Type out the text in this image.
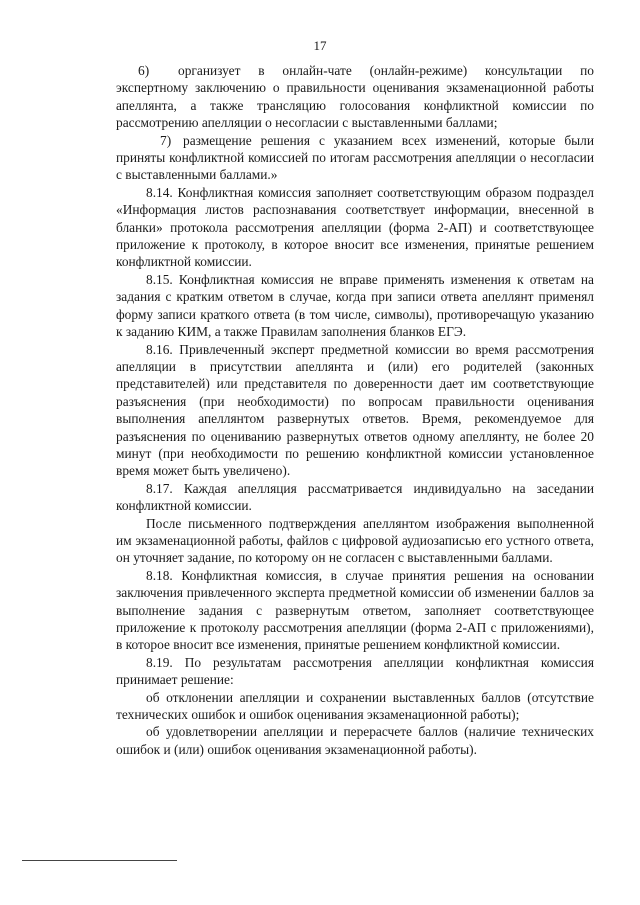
17

6) организует в онлайн-чате (онлайн-режиме) консультации по экспертному заключению о правильности оценивания экзаменационной работы апеллянта, а также трансляцию голосования конфликтной комиссии по рассмотрению апелляции о несогласии с выставленными баллами;

7) размещение решения с указанием всех изменений, которые были приняты конфликтной комиссией по итогам рассмотрения апелляции о несогласии с выставленными баллами.»

8.14. Конфликтная комиссия заполняет соответствующим образом подраздел «Информация листов распознавания соответствует информации, внесенной в бланки» протокола рассмотрения апелляции (форма 2-АП) и соответствующее приложение к протоколу, в которое вносит все изменения, принятые решением конфликтной комиссии.

8.15. Конфликтная комиссия не вправе применять изменения к ответам на задания с кратким ответом в случае, когда при записи ответа апеллянт применял форму записи краткого ответа (в том числе, символы), противоречащую указанию к заданию КИМ, а также Правилам заполнения бланков ЕГЭ.

8.16. Привлеченный эксперт предметной комиссии во время рассмотрения апелляции в присутствии апеллянта и (или) его родителей (законных представителей) или представителя по доверенности дает им соответствующие разъяснения (при необходимости) по вопросам правильности оценивания выполнения апеллянтом развернутых ответов. Время, рекомендуемое для разъяснения по оцениванию развернутых ответов одному апеллянту, не более 20 минут (при необходимости по решению конфликтной комиссии установленное время может быть увеличено).

8.17. Каждая апелляция рассматривается индивидуально на заседании конфликтной комиссии.

После письменного подтверждения апеллянтом изображения выполненной им экзаменационной работы, файлов с цифровой аудиозаписью его устного ответа, он уточняет задание, по которому он не согласен с выставленными баллами.

8.18. Конфликтная комиссия, в случае принятия решения на основании заключения привлеченного эксперта предметной комиссии об изменении баллов за выполнение задания с развернутым ответом, заполняет соответствующее приложение к протоколу рассмотрения апелляции (форма 2-АП с приложениями), в которое вносит все изменения, принятые решением конфликтной комиссии.

8.19. По результатам рассмотрения апелляции конфликтная комиссия принимает решение:

об отклонении апелляции и сохранении выставленных баллов (отсутствие технических ошибок и ошибок оценивания экзаменационной работы);

об удовлетворении апелляции и перерасчете баллов (наличие технических ошибок и (или) ошибок оценивания экзаменационной работы).
